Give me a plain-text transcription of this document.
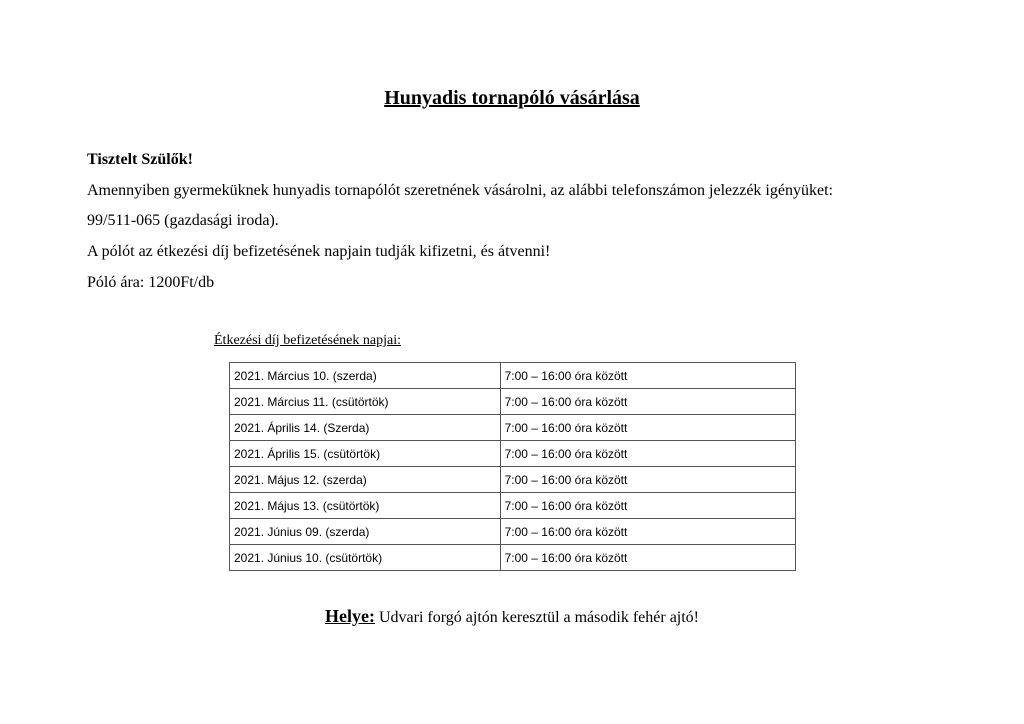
Hunyadis tornapóló vásárlása
Tisztelt Szülők!
Amennyiben gyermeküknek hunyadis tornapólót szeretnének vásárolni, az alábbi telefonszámon jelezzék igényüket:
99/511-065 (gazdasági iroda).
A pólót az étkezési díj befizetésének napjain tudják kifizetni, és átvenni!
Póló ára: 1200Ft/db
Étkezési díj befizetésének napjai:
2021. Március 10. (szerda)	7:00 – 16:00 óra között
2021. Március 11. (csütörtök)	7:00 – 16:00 óra között
2021. Április 14. (Szerda)	7:00 – 16:00 óra között
2021. Április 15. (csütörtök)	7:00 – 16:00 óra között
2021. Május 12. (szerda)	7:00 – 16:00 óra között
2021. Május 13. (csütörtök)	7:00 – 16:00 óra között
2021. Június 09. (szerda)	7:00 – 16:00 óra között
2021. Június 10. (csütörtök)	7:00 – 16:00 óra között
Helye: Udvari forgó ajtón keresztül a második fehér ajtó!
